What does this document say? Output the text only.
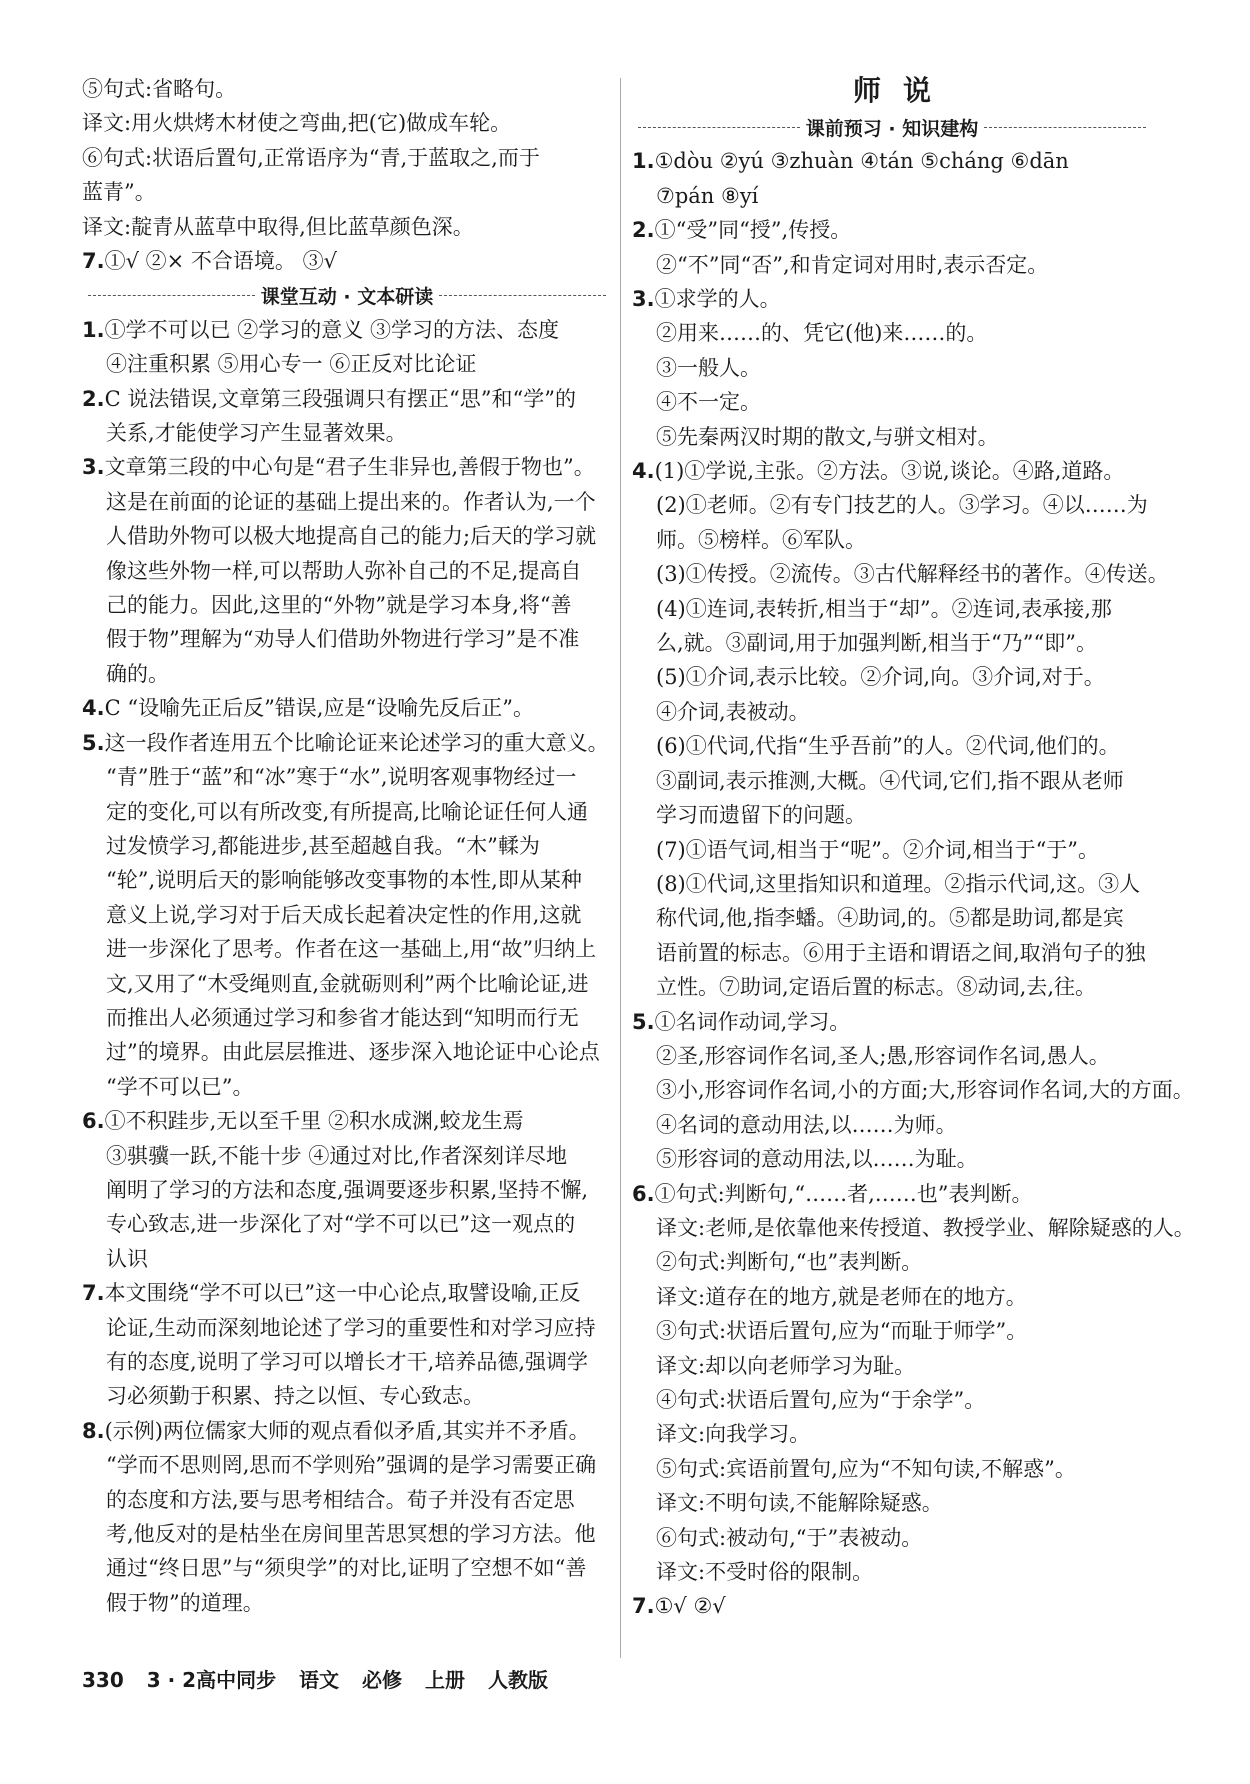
⑤句式:省略句。
译文:用火烘烤木材使之弯曲,把(它)做成车轮。
⑥句式:状语后置句,正常语序为“青,于蓝取之,而于
蓝青”。
译文:靛青从蓝草中取得,但比蓝草颜色深。
7.①√ ②× 不合语境。 ③√
课堂互动 · 文本研读
1.①学不可以已 ②学习的意义 ③学习的方法、态度
④注重积累 ⑤用心专一 ⑥正反对比论证
2.C 说法错误,文章第三段强调只有摆正“思”和“学”的
关系,才能使学习产生显著效果。
3.文章第三段的中心句是“君子生非异也,善假于物也”。
这是在前面的论证的基础上提出来的。作者认为,一个
人借助外物可以极大地提高自己的能力;后天的学习就
像这些外物一样,可以帮助人弥补自己的不足,提高自
己的能力。因此,这里的“外物”就是学习本身,将“善
假于物”理解为“劝导人们借助外物进行学习”是不准
确的。
4.C “设喻先正后反”错误,应是“设喻先反后正”。
5.这一段作者连用五个比喻论证来论述学习的重大意义。
“青”胜于“蓝”和“冰”寒于“水”,说明客观事物经过一
定的变化,可以有所改变,有所提高,比喻论证任何人通
过发愤学习,都能进步,甚至超越自我。“木”輮为
“轮”,说明后天的影响能够改变事物的本性,即从某种
意义上说,学习对于后天成长起着决定性的作用,这就
进一步深化了思考。作者在这一基础上,用“故”归纳上
文,又用了“木受绳则直,金就砺则利”两个比喻论证,进
而推出人必须通过学习和参省才能达到“知明而行无
过”的境界。由此层层推进、逐步深入地论证中心论点
“学不可以已”。
6.①不积跬步,无以至千里 ②积水成渊,蛟龙生焉
③骐骥一跃,不能十步 ④通过对比,作者深刻详尽地
阐明了学习的方法和态度,强调要逐步积累,坚持不懈,
专心致志,进一步深化了对“学不可以已”这一观点的
认识
7.本文围绕“学不可以已”这一中心论点,取譬设喻,正反
论证,生动而深刻地论述了学习的重要性和对学习应持
有的态度,说明了学习可以增长才干,培养品德,强调学
习必须勤于积累、持之以恒、专心致志。
8.(示例)两位儒家大师的观点看似矛盾,其实并不矛盾。
“学而不思则罔,思而不学则殆”强调的是学习需要正确
的态度和方法,要与思考相结合。荀子并没有否定思
考,他反对的是枯坐在房间里苦思冥想的学习方法。他
通过“终日思”与“须臾学”的对比,证明了空想不如“善
假于物”的道理。
师说
课前预习 · 知识建构
1.①dòu ②yú ③zhuàn ④tán ⑤cháng ⑥dān
⑦pán ⑧yí
2.①“受”同“授”,传授。
②“不”同“否”,和肯定词对用时,表示否定。
3.①求学的人。
②用来……的、凭它(他)来……的。
③一般人。
④不一定。
⑤先秦两汉时期的散文,与骈文相对。
4.(1)①学说,主张。②方法。③说,谈论。④路,道路。
(2)①老师。②有专门技艺的人。③学习。④以……为
师。⑤榜样。⑥军队。
(3)①传授。②流传。③古代解释经书的著作。④传送。
(4)①连词,表转折,相当于“却”。②连词,表承接,那
么,就。③副词,用于加强判断,相当于“乃”“即”。
(5)①介词,表示比较。②介词,向。③介词,对于。
④介词,表被动。
(6)①代词,代指“生乎吾前”的人。②代词,他们的。
③副词,表示推测,大概。④代词,它们,指不跟从老师
学习而遗留下的问题。
(7)①语气词,相当于“呢”。②介词,相当于“于”。
(8)①代词,这里指知识和道理。②指示代词,这。③人
称代词,他,指李蟠。④助词,的。⑤都是助词,都是宾
语前置的标志。⑥用于主语和谓语之间,取消句子的独
立性。⑦助词,定语后置的标志。⑧动词,去,往。
5.①名词作动词,学习。
②圣,形容词作名词,圣人;愚,形容词作名词,愚人。
③小,形容词作名词,小的方面;大,形容词作名词,大的方面。
④名词的意动用法,以……为师。
⑤形容词的意动用法,以……为耻。
6.①句式:判断句,“……者,……也”表判断。
译文:老师,是依靠他来传授道、教授学业、解除疑惑的人。
②句式:判断句,“也”表判断。
译文:道存在的地方,就是老师在的地方。
③句式:状语后置句,应为“而耻于师学”。
译文:却以向老师学习为耻。
④句式:状语后置句,应为“于余学”。
译文:向我学习。
⑤句式:宾语前置句,应为“不知句读,不解惑”。
译文:不明句读,不能解除疑惑。
⑥句式:被动句,“于”表被动。
译文:不受时俗的限制。
7.①√ ②√
330 3 · 2高中同步 语文 必修 上册 人教版
